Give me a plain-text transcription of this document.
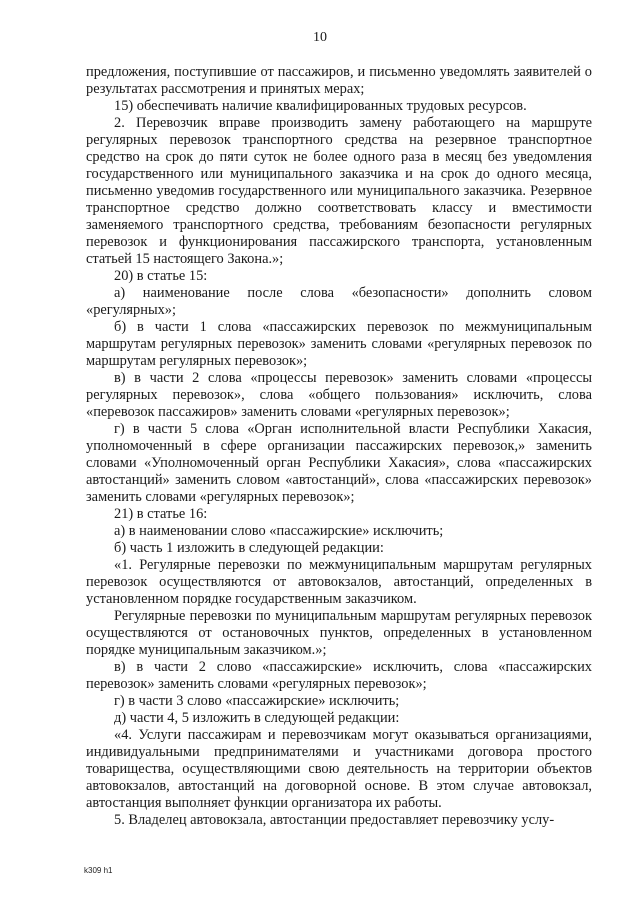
10

предложения, поступившие от пассажиров, и письменно уведомлять заявителей о результатах рассмотрения и принятых мерах;

15) обеспечивать наличие квалифицированных трудовых ресурсов.

2. Перевозчик вправе производить замену работающего на маршруте регулярных перевозок транспортного средства на резервное транспортное средство на срок до пяти суток не более одного раза в месяц без уведомления государственного или муниципального заказчика и на срок до одного месяца, письменно уведомив государственного или муниципального заказчика. Резервное транспортное средство должно соответствовать классу и вместимости заменяемого транспортного средства, требованиям безопасности регулярных перевозок и функционирования пассажирского транспорта, установленным статьей 15 настоящего Закона.»;

20) в статье 15:

а) наименование после слова «безопасности» дополнить словом «регулярных»;

б) в части 1 слова «пассажирских перевозок по межмуниципальным маршрутам регулярных перевозок» заменить словами «регулярных перевозок по маршрутам регулярных перевозок»;

в) в части 2 слова «процессы перевозок» заменить словами «процессы регулярных перевозок», слова «общего пользования» исключить, слова «перевозок пассажиров» заменить словами «регулярных перевозок»;

г) в части 5 слова «Орган исполнительной власти Республики Хакасия, уполномоченный в сфере организации пассажирских перевозок,» заменить словами «Уполномоченный орган Республики Хакасия», слова «пассажирских автостанций» заменить словом «автостанций», слова «пассажирских перевозок» заменить словами «регулярных перевозок»;

21) в статье 16:

а) в наименовании слово «пассажирские» исключить;

б) часть 1 изложить в следующей редакции:

«1. Регулярные перевозки по межмуниципальным маршрутам регулярных перевозок осуществляются от автовокзалов, автостанций, определенных в установленном порядке государственным заказчиком.

Регулярные перевозки по муниципальным маршрутам регулярных перевозок осуществляются от остановочных пунктов, определенных в установленном порядке муниципальным заказчиком.»;

в) в части 2 слово «пассажирские» исключить, слова «пассажирских перевозок» заменить словами «регулярных перевозок»;

г) в части 3 слово «пассажирские» исключить;

д) части 4, 5 изложить в следующей редакции:

«4. Услуги пассажирам и перевозчикам могут оказываться организациями, индивидуальными предпринимателями и участниками договора простого товарищества, осуществляющими свою деятельность на территории объектов автовокзалов, автостанций на договорной основе. В этом случае автовокзал, автостанция выполняет функции организатора их работы.

5. Владелец автовокзала, автостанции предоставляет перевозчику услу-

k309 h1
